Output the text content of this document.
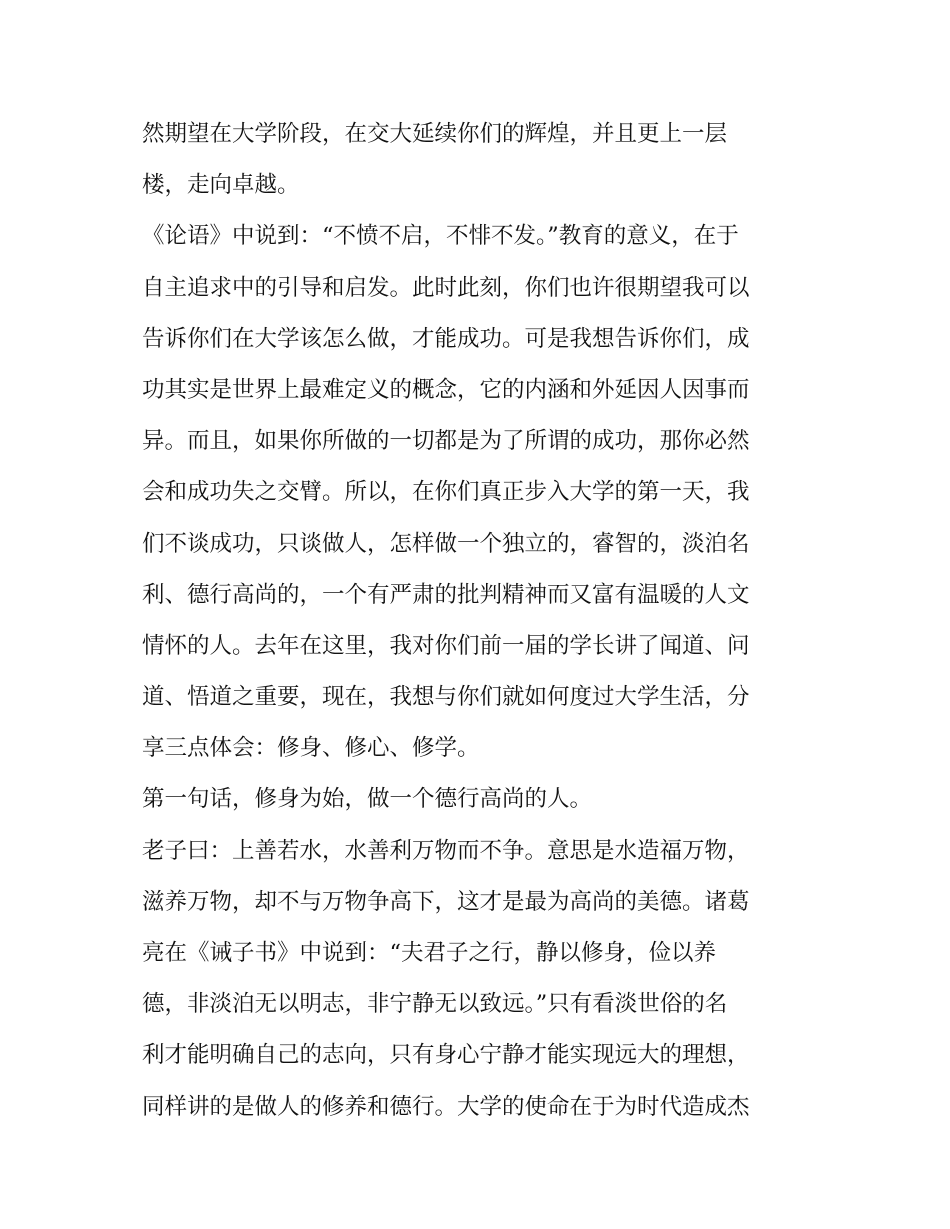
然期望在大学阶段，在交大延续你们的辉煌，并且更上一层
楼，走向卓越。
《论语》中说到：“不愤不启，不悱不发。”教育的意义，在于
自主追求中的引导和启发。此时此刻，你们也许很期望我可以
告诉你们在大学该怎么做，才能成功。可是我想告诉你们，成
功其实是世界上最难定义的概念，它的内涵和外延因人因事而
异。而且，如果你所做的一切都是为了所谓的成功，那你必然
会和成功失之交臂。所以，在你们真正步入大学的第一天，我
们不谈成功，只谈做人，怎样做一个独立的，睿智的，淡泊名
利、德行高尚的，一个有严肃的批判精神而又富有温暖的人文
情怀的人。去年在这里，我对你们前一届的学长讲了闻道、问
道、悟道之重要，现在，我想与你们就如何度过大学生活，分
享三点体会：修身、修心、修学。
第一句话，修身为始，做一个德行高尚的人。
老子曰：上善若水，水善利万物而不争。意思是水造福万物，
滋养万物，却不与万物争高下，这才是最为高尚的美德。诸葛
亮在《诫子书》中说到：“夫君子之行，静以修身，俭以养
德，非淡泊无以明志，非宁静无以致远。”只有看淡世俗的名
利才能明确自己的志向，只有身心宁静才能实现远大的理想，
同样讲的是做人的修养和德行。大学的使命在于为时代造成杰
